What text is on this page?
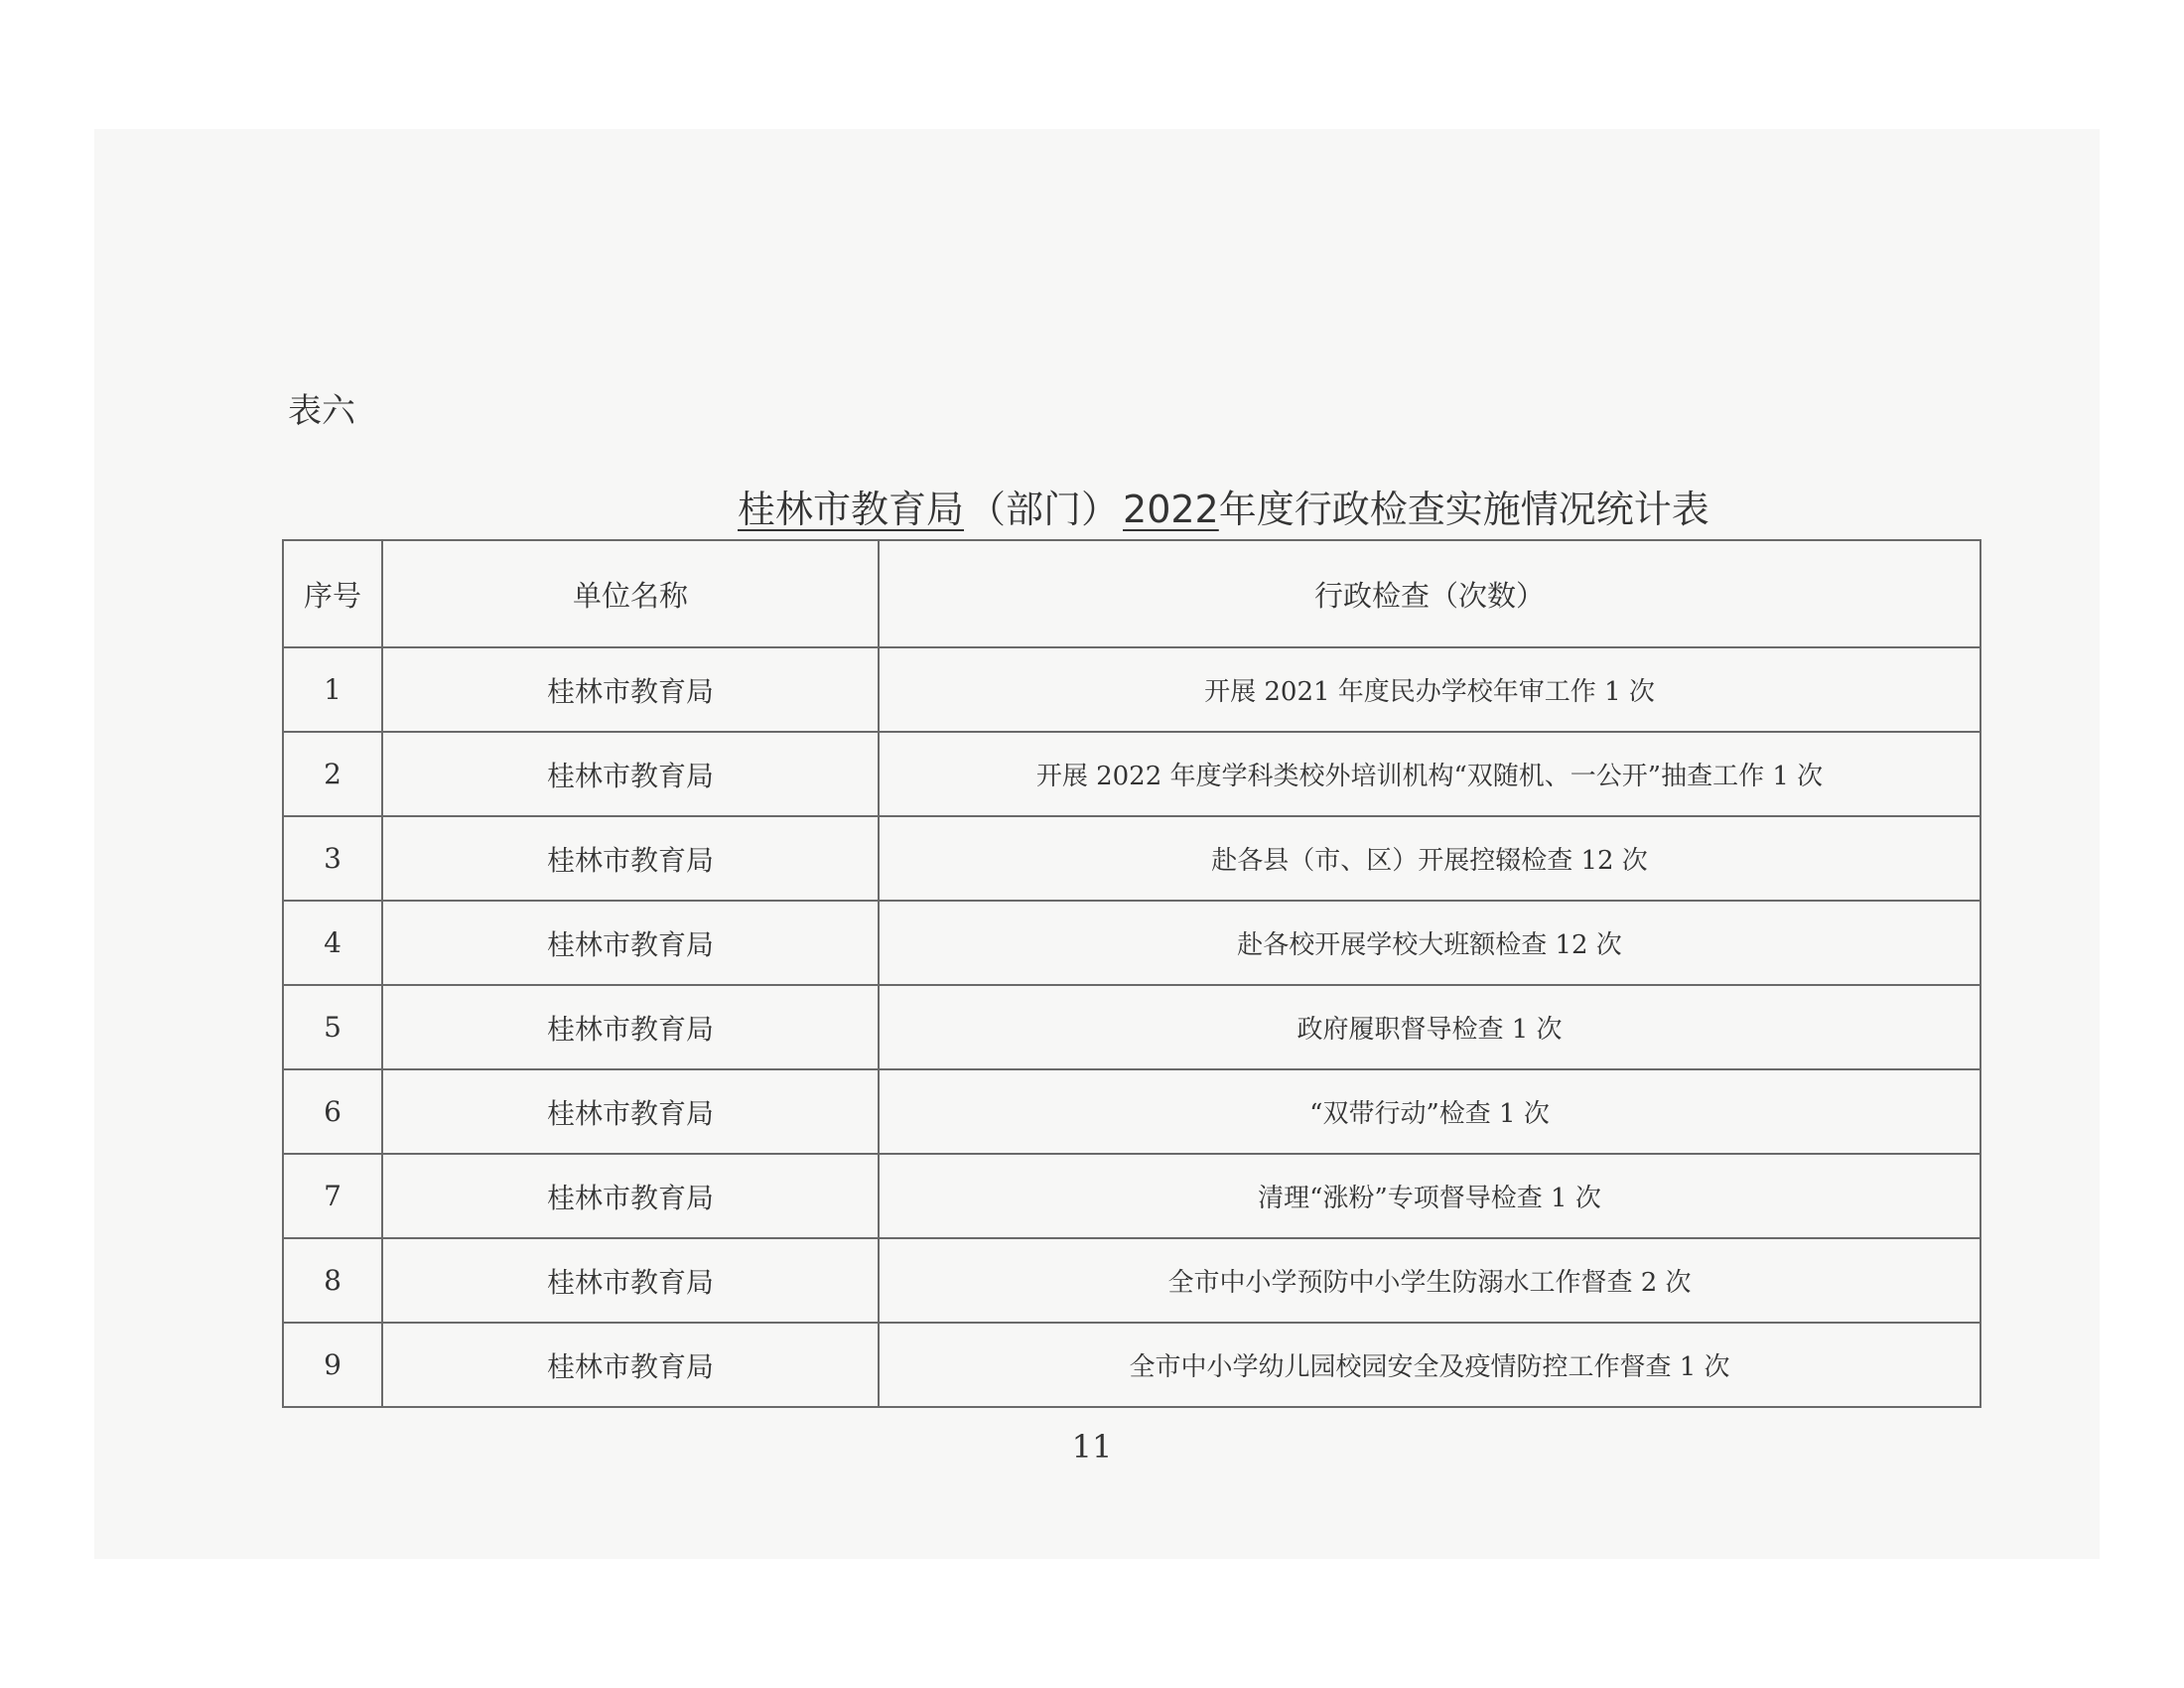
表六
桂林市教育局 （部门） 2022年度行政检查实施情况统计表
序号	单位名称	行政检查（次数）
1	桂林市教育局	开展 2021 年度民办学校年审工作 1 次
2	桂林市教育局	开展 2022 年度学科类校外培训机构“双随机、一公开”抽查工作 1 次
3	桂林市教育局	赴各县（市、区）开展控辍检查 12 次
4	桂林市教育局	赴各校开展学校大班额检查 12 次
5	桂林市教育局	政府履职督导检查 1 次
6	桂林市教育局	“双带行动”检查 1 次
7	桂林市教育局	清理“涨粉”专项督导检查 1 次
8	桂林市教育局	全市中小学预防中小学生防溺水工作督查 2 次
9	桂林市教育局	全市中小学幼儿园校园安全及疫情防控工作督查 1 次
11
